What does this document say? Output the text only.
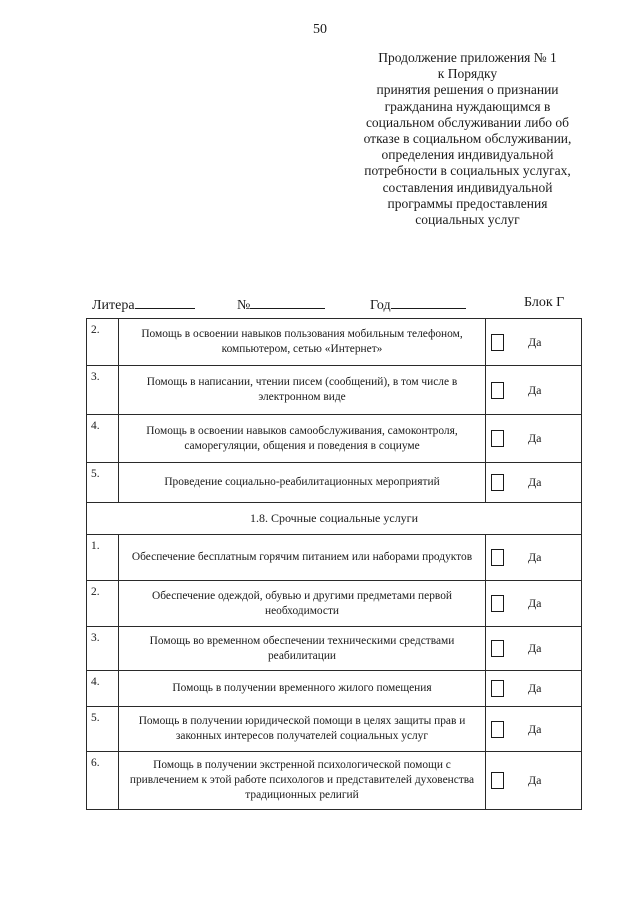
50
Продолжение приложения № 1
к Порядку
принятия решения о признании
гражданина нуждающимся в
социальном обслуживании либо об
отказе в социальном обслуживании,
определения индивидуальной
потребности в социальных услугах,
составления индивидуальной
программы предоставления
социальных услуг
Литера	№	Год	Блок Г
2.	Помощь в освоении навыков пользования мобильным телефоном, компьютером, сетью «Интернет»	Да

3.	Помощь в написании, чтении писем (сообщений), в том числе в электронном виде	Да

4.	Помощь в освоении навыков самообслуживания, самоконтроля, саморегуляции, общения и поведения в социуме	Да

5.	Проведение социально-реабилитационных мероприятий	Да

1.8. Срочные социальные услуги		
1.	Обеспечение бесплатным горячим питанием или наборами продуктов	Да

2.	Обеспечение одеждой, обувью и другими предметами первой необходимости	Да

3.	Помощь во временном обеспечении техническими средствами реабилитации	Да

4.	Помощь в получении временного жилого помещения	Да

5.	Помощь в получении юридической помощи в целях защиты прав и законных интересов получателей социальных услуг	Да

6.	Помощь в получении экстренной психологической помощи с привлечением к этой работе психологов и представителей духовенства традиционных религий	Да
